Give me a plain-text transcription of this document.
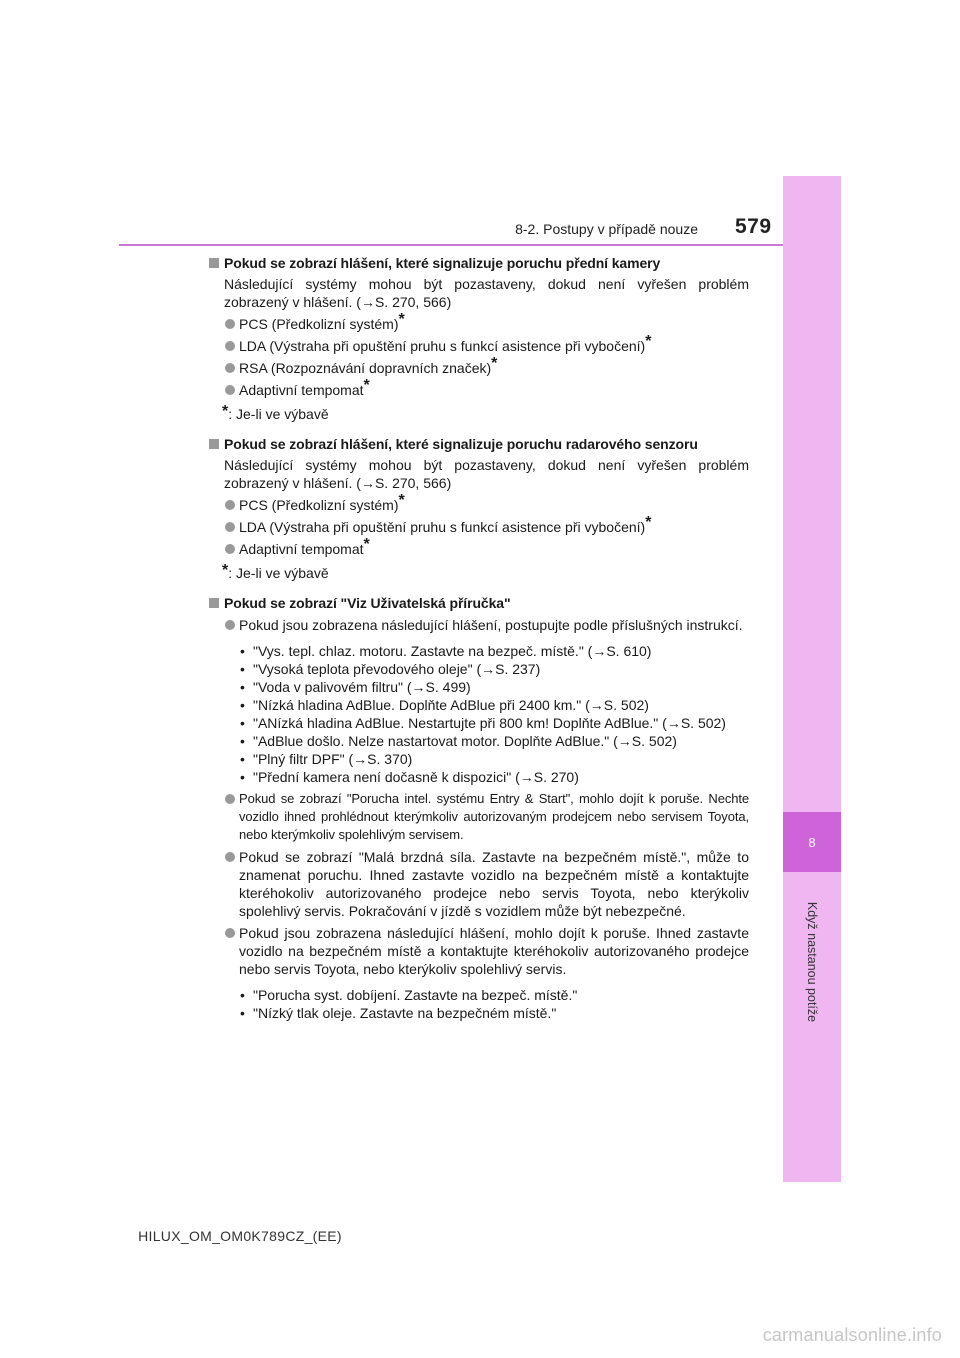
8
Když nastanou potíže
8-2. Postupy v případě nouze 579
Pokud se zobrazí hlášení, které signalizuje poruchu přední kamery
Následující systémy mohou být pozastaveny, dokud není vyřešen problém zobrazený v hlášení. (→S. 270, 566)
PCS (Předkolizní systém)*
LDA (Výstraha při opuštění pruhu s funkcí asistence při vybočení)*
RSA (Rozpoznávání dopravních značek)*
Adaptivní tempomat*
*: Je-li ve výbavě
Pokud se zobrazí hlášení, které signalizuje poruchu radarového senzoru
Následující systémy mohou být pozastaveny, dokud není vyřešen problém zobrazený v hlášení. (→S. 270, 566)
PCS (Předkolizní systém)*
LDA (Výstraha při opuštění pruhu s funkcí asistence při vybočení)*
Adaptivní tempomat*
*: Je-li ve výbavě
Pokud se zobrazí "Viz Uživatelská příručka"
Pokud jsou zobrazena následující hlášení, postupujte podle příslušných instrukcí.
• "Vys. tepl. chlaz. motoru. Zastavte na bezpeč. místě." (→S. 610)
• "Vysoká teplota převodového oleje" (→S. 237)
• "Voda v palivovém filtru" (→S. 499)
• "Nízká hladina AdBlue. Doplňte AdBlue při 2400 km." (→S. 502)
• "ANízká hladina AdBlue. Nestartujte při 800 km! Doplňte AdBlue." (→S. 502)
• "AdBlue došlo. Nelze nastartovat motor. Doplňte AdBlue." (→S. 502)
• "Plný filtr DPF" (→S. 370)
• "Přední kamera není dočasně k dispozici" (→S. 270)
Pokud se zobrazí "Porucha intel. systému Entry & Start", mohlo dojít k poruše. Nechte vozidlo ihned prohlédnout kterýmkoliv autorizovaným prodejcem nebo servisem Toyota, nebo kterýmkoliv spolehlivým servisem.
Pokud se zobrazí "Malá brzdná síla. Zastavte na bezpečném místě.", může to znamenat poruchu. Ihned zastavte vozidlo na bezpečném místě a kontaktujte kteréhokoliv autorizovaného prodejce nebo servis Toyota, nebo kterýkoliv spolehlivý servis. Pokračování v jízdě s vozidlem může být nebezpečné.
Pokud jsou zobrazena následující hlášení, mohlo dojít k poruše. Ihned zastavte vozidlo na bezpečném místě a kontaktujte kteréhokoliv autorizovaného prodejce nebo servis Toyota, nebo kterýkoliv spolehlivý servis.
• "Porucha syst. dobíjení. Zastavte na bezpeč. místě."
• "Nízký tlak oleje. Zastavte na bezpečném místě."
HILUX_OM_OM0K789CZ_(EE)
carmanualsonline.info
